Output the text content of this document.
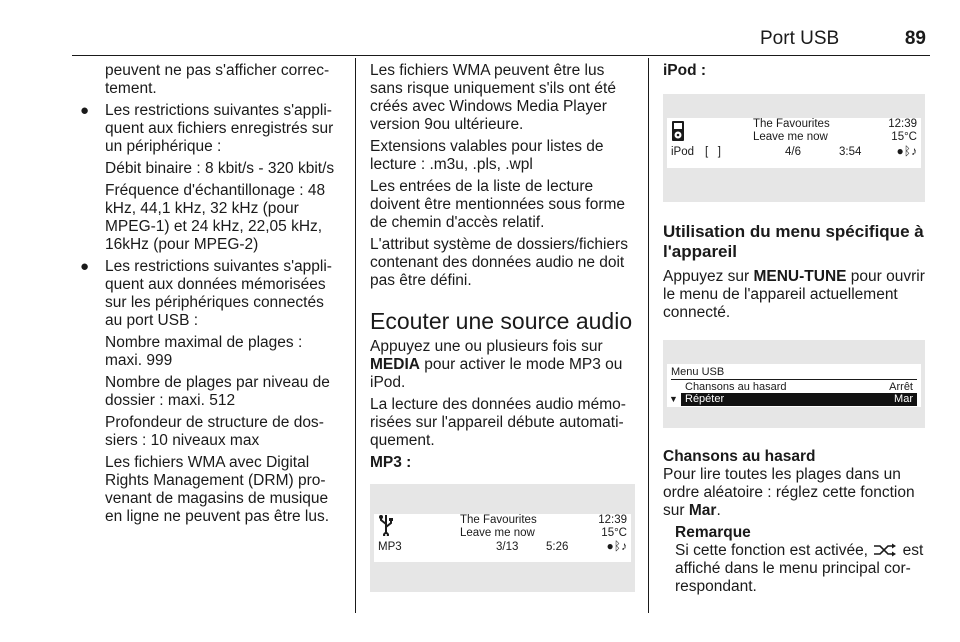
Port USB	89

peuvent ne pas s'afficher correctement.

● Les restrictions suivantes s'appliquent aux fichiers enregistrés sur un périphérique :

Débit binaire : 8 kbit/s - 320 kbit/s

Fréquence d'échantillonage : 48 kHz, 44,1 kHz, 32 kHz (pour MPEG-1) et 24 kHz, 22,05 kHz, 16kHz (pour MPEG-2)

● Les restrictions suivantes s'appliquent aux données mémorisées sur les périphériques connectés au port USB :

Nombre maximal de plages : maxi. 999

Nombre de plages par niveau de dossier : maxi. 512

Profondeur de structure de dossiers : 10 niveaux max

Les fichiers WMA avec Digital Rights Management (DRM) provenant de magasins de musique en ligne ne peuvent pas être lus.

Les fichiers WMA peuvent être lus sans risque uniquement s'ils ont été créés avec Windows Media Player version 9ou ultérieure.

Extensions valables pour listes de lecture : .m3u, .pls, .wpl

Les entrées de la liste de lecture doivent être mentionnées sous forme de chemin d'accès relatif.

L'attribut système de dossiers/fichiers contenant des données audio ne doit pas être défini.

Ecouter une source audio

Appuyez une ou plusieurs fois sur MEDIA pour activer le mode MP3 ou iPod.

La lecture des données audio mémorisées sur l'appareil débute automatiquement.

MP3 :

The Favourites
Leave me now
12:39
15°C
MP3	3/13 5:26	●ᛒ♪

iPod :

The Favourites
Leave me now
12:39
15°C
iPod [   ]	4/6	3:54	●ᛒ♪
Utilisation du menu spécifique à l'appareil

Appuyez sur MENU-TUNE pour ouvrir le menu de l'appareil actuellement connecté.

Menu USB
Chansons au hasard	Arrêt
▼ Répéter	Mar

Chansons au hasard

Pour lire toutes les plages dans un ordre aléatoire : réglez cette fonction sur Mar.

Remarque

Si cette fonction est activée, est affiché dans le menu principal correspondant.
